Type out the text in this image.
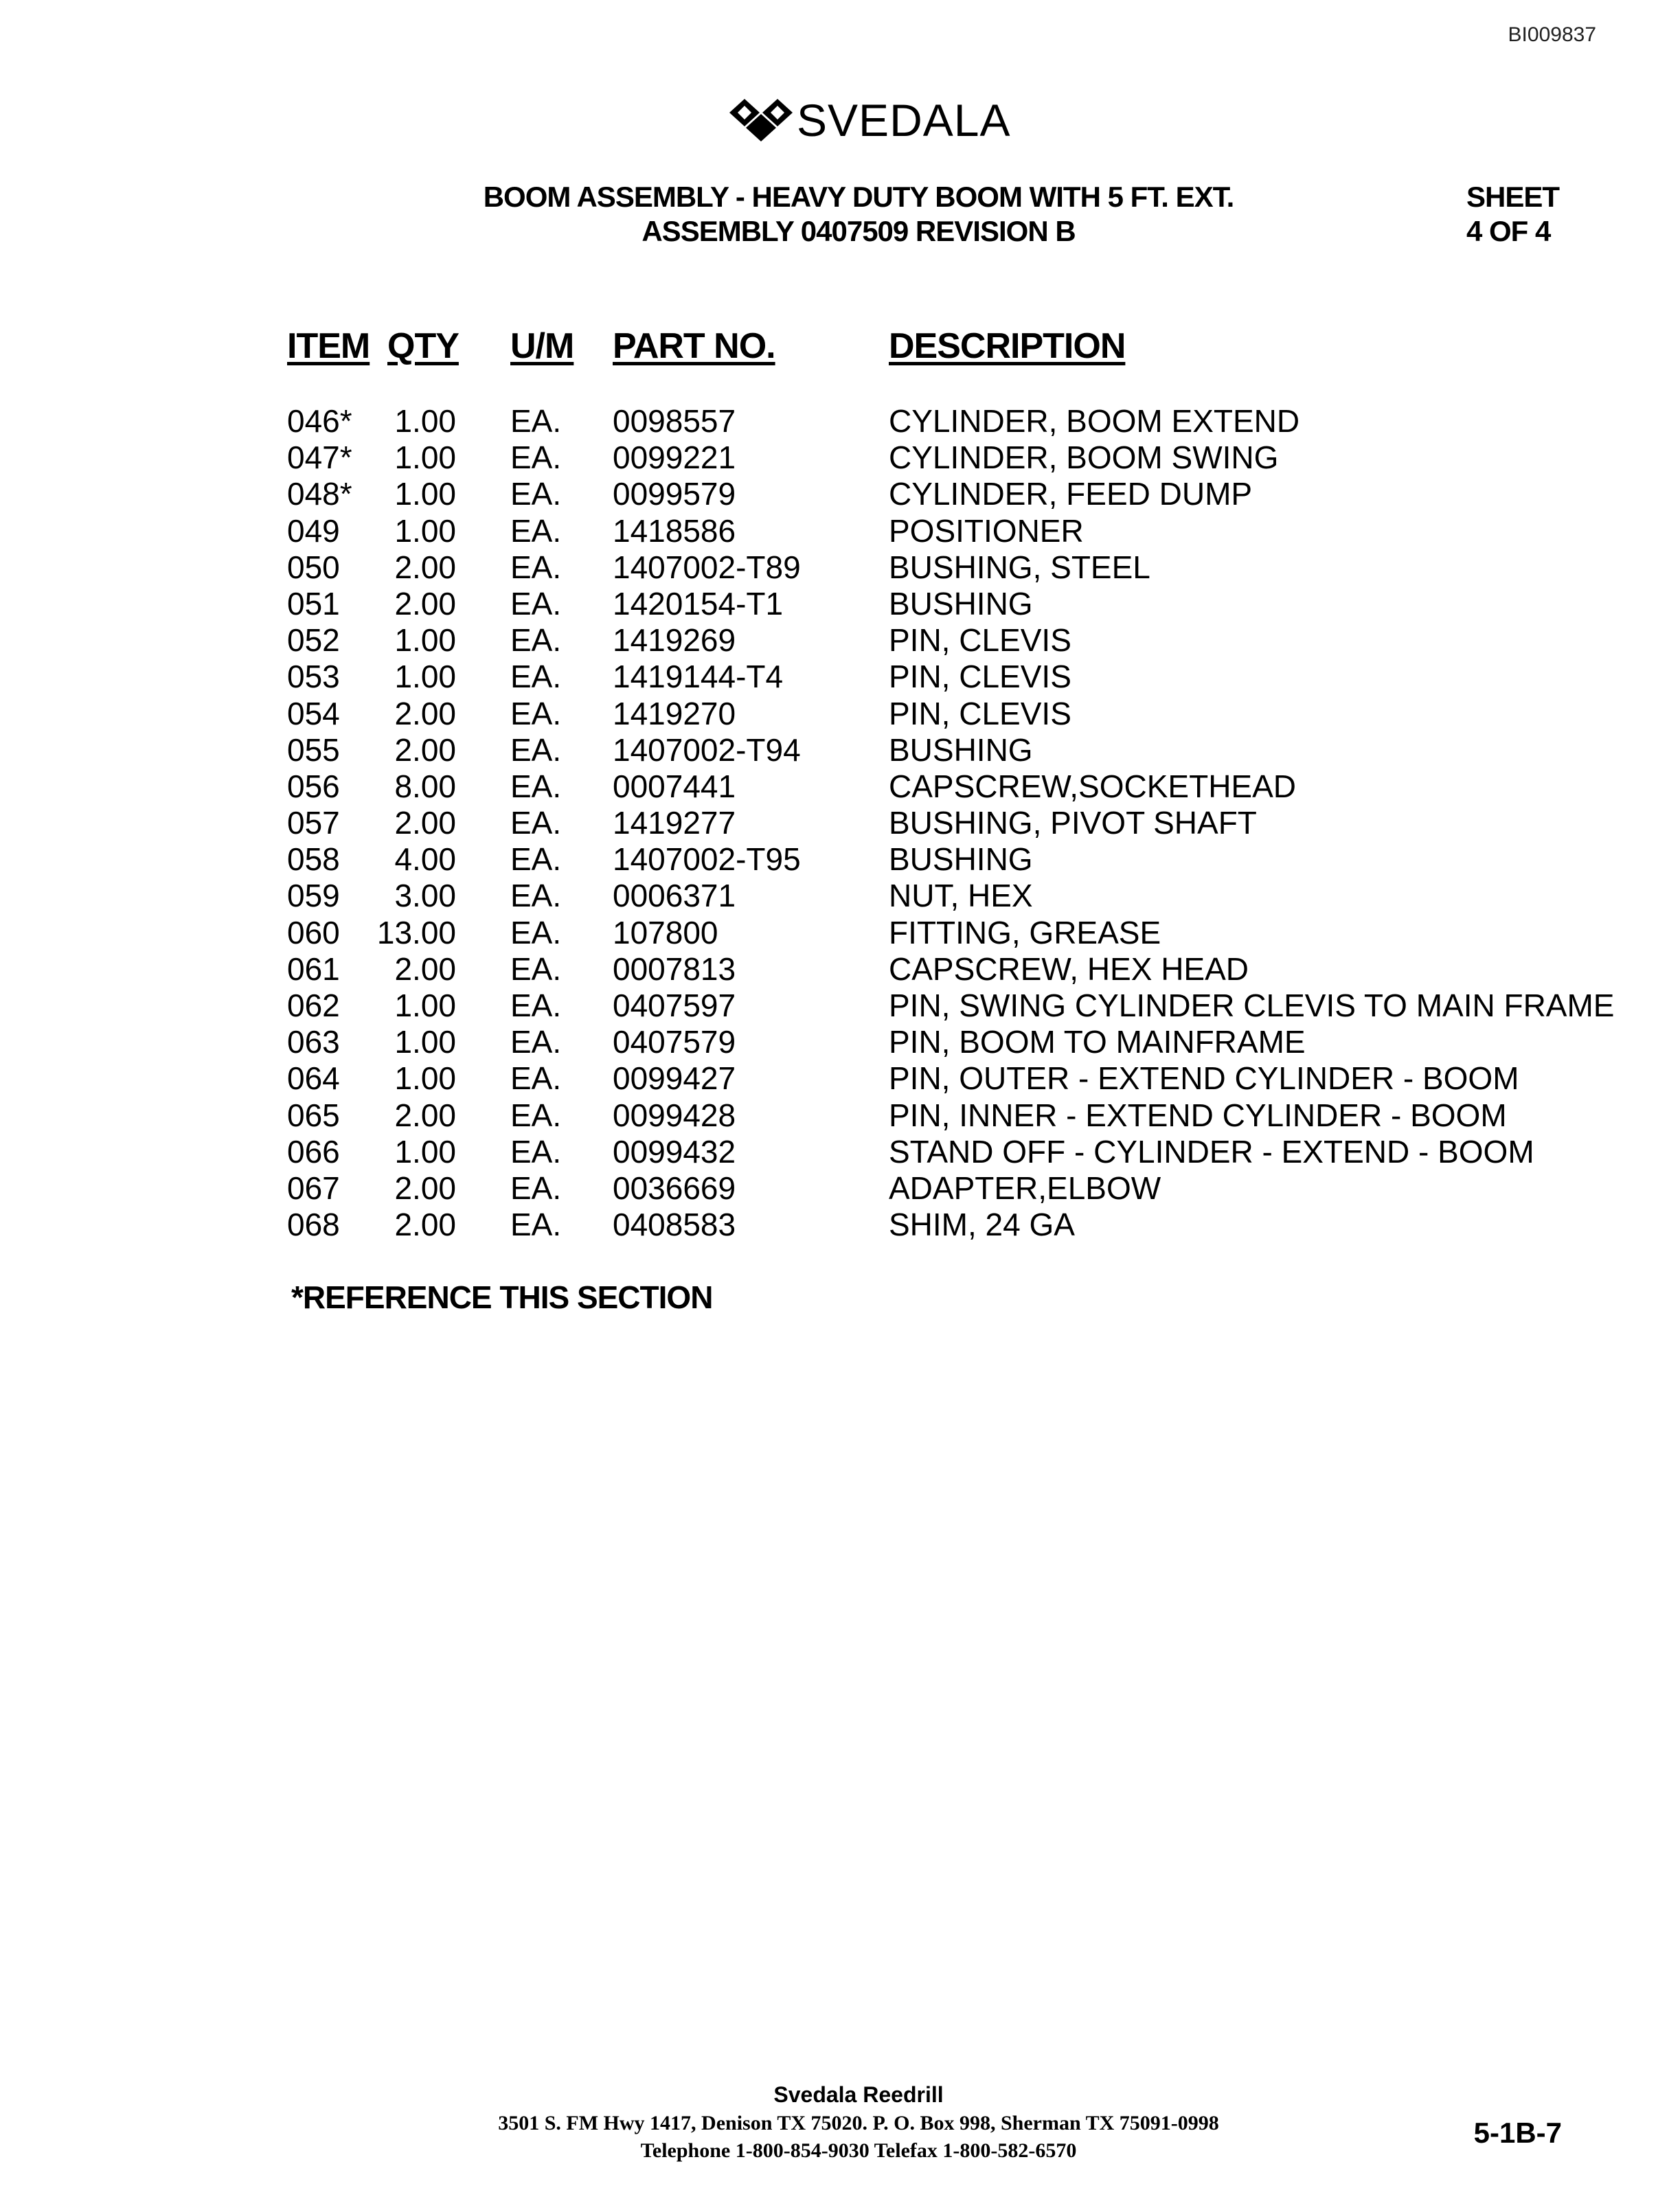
BI009837
SVEDALA
BOOM ASSEMBLY - HEAVY DUTY BOOM WITH 5 FT. EXT.
ASSEMBLY 0407509 REVISION B
SHEET
4 OF 4
ITEM QTY U/M PART NO.	DESCRIPTION
046*	1.00 EA. 0098557	CYLINDER, BOOM EXTEND
047*	1.00 EA. 0099221	CYLINDER, BOOM SWING
048*	1.00 EA. 0099579	CYLINDER, FEED DUMP
049	1.00 EA. 1418586	POSITIONER
050	2.00 EA. 1407002-T89	BUSHING, STEEL
051	2.00 EA. 1420154-T1	BUSHING
052	1.00 EA. 1419269	PIN, CLEVIS
053	1.00 EA. 1419144-T4	PIN, CLEVIS
054	2.00 EA. 1419270	PIN, CLEVIS
055	2.00 EA. 1407002-T94	BUSHING
056	8.00 EA. 0007441	CAPSCREW,SOCKETHEAD
057	2.00 EA. 1419277	BUSHING, PIVOT SHAFT
058	4.00 EA. 1407002-T95	BUSHING
059	3.00 EA. 0006371	NUT, HEX
060 13.00 EA. 107800	FITTING, GREASE
061	2.00 EA. 0007813	CAPSCREW, HEX HEAD
062	1.00 EA. 0407597	PIN, SWING CYLINDER CLEVIS TO MAIN FRAME
063	1.00 EA. 0407579	PIN, BOOM TO MAINFRAME
064	1.00 EA. 0099427	PIN, OUTER - EXTEND CYLINDER - BOOM
065	2.00 EA. 0099428	PIN, INNER - EXTEND CYLINDER - BOOM
066	1.00 EA. 0099432	STAND OFF - CYLINDER - EXTEND - BOOM
067	2.00 EA. 0036669	ADAPTER,ELBOW
068	2.00 EA. 0408583	SHIM, 24 GA
*REFERENCE THIS SECTION
Svedala Reedrill
3501 S. FM Hwy 1417, Denison TX 75020. P. O. Box 998, Sherman TX 75091-0998
Telephone 1-800-854-9030 Telefax 1-800-582-6570
5-1B-7
